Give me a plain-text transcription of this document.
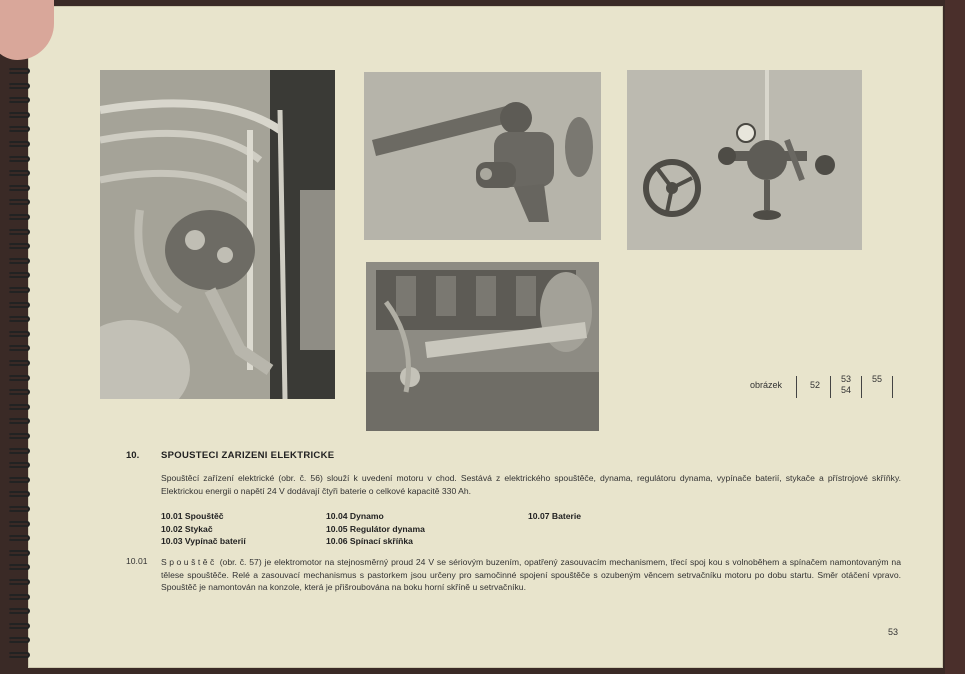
obrázek	52
53
54
55
10. SPOUSTECI ZARIZENI ELEKTRICKE
Spouštěcí zařízení elektrické (obr. č. 56) slouží k uvedení motoru v chod. Sestává z elektrického spouštěče, dynama, regulátoru dynama, vypínače baterií, stykače a přístrojové skříňky. Elektrickou energii o napětí 24 V dodávají čtyři baterie o celkové kapacitě 330 Ah.
10.01 Spouštěč
10.02 Stykač
10.03 Vypínač baterií
10.04 Dynamo
10.05 Regulátor dynama
10.06 Spínací skříňka
10.07 Baterie
10.01 Spouštěč (obr. č. 57) je elektromotor na stejnosměrný proud 24 V se sériovým buzením, opatřený zasouvacím mechanismem, třecí spoj kou s volnoběhem a spínačem namontovaným na tělese spouštěče. Relé a zasouvací mechanismus s pastorkem jsou určeny pro samočinné spojení spouštěče s ozubeným věncem setrvačníku motoru po dobu startu. Směr otáčení vpravo. Spouštěč je namontován na konzole, která je přišroubována na boku horní skříně u setrvačníku.
53
